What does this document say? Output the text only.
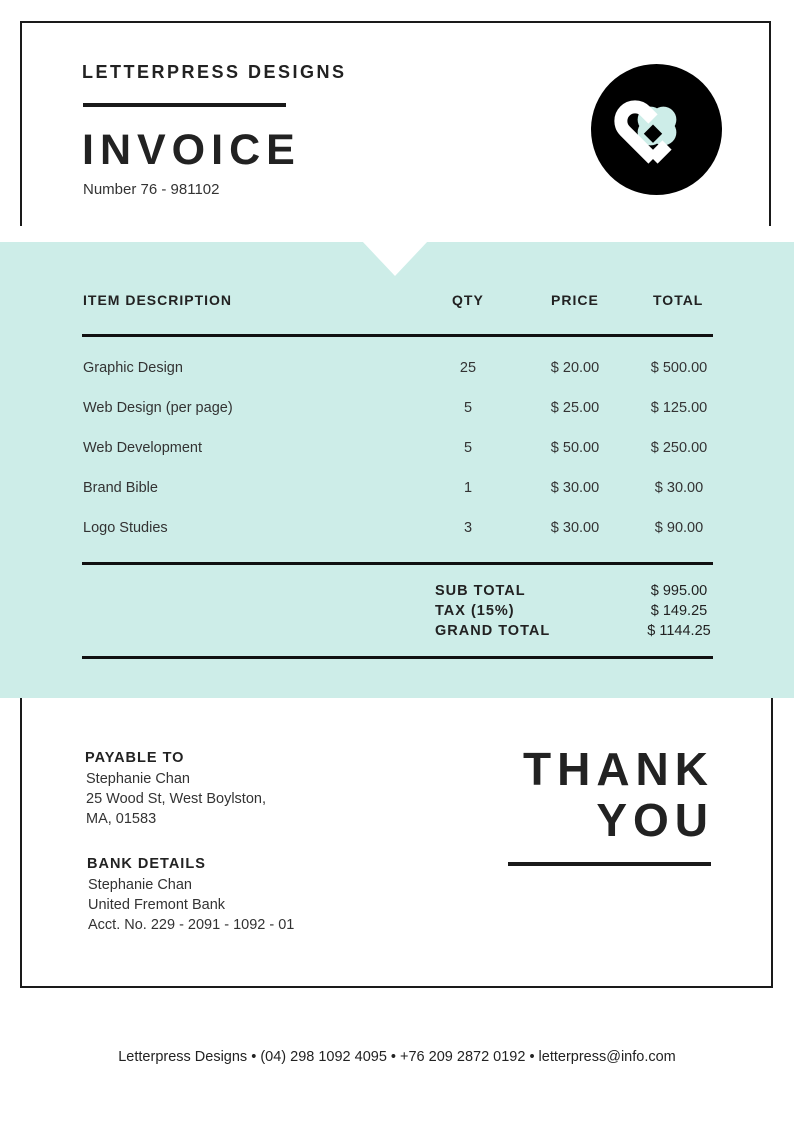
LETTERPRESS DESIGNS
INVOICE
Number 76 - 981102
ITEM DESCRIPTION	QTY	PRICE	TOTAL
Graphic Design	25	$ 20.00	$ 500.00
Web Design (per page)	5	$ 25.00	$ 125.00
Web Development	5	$ 50.00	$ 250.00
Brand Bible	1	$ 30.00	$ 30.00
Logo Studies	3	$ 30.00	$ 90.00
SUB TOTAL	$ 995.00
TAX (15%)	$ 149.25
GRAND TOTAL	$ 1144.25
PAYABLE TO
Stephanie Chan
25 Wood St, West Boylston,
MA, 01583
BANK DETAILS
Stephanie Chan
United Fremont Bank
Acct. No. 229 - 2091 - 1092 - 01
THANK
YOU
Letterpress Designs • (04) 298 1092 4095 • +76 209 2872 0192 • letterpress@info.com
